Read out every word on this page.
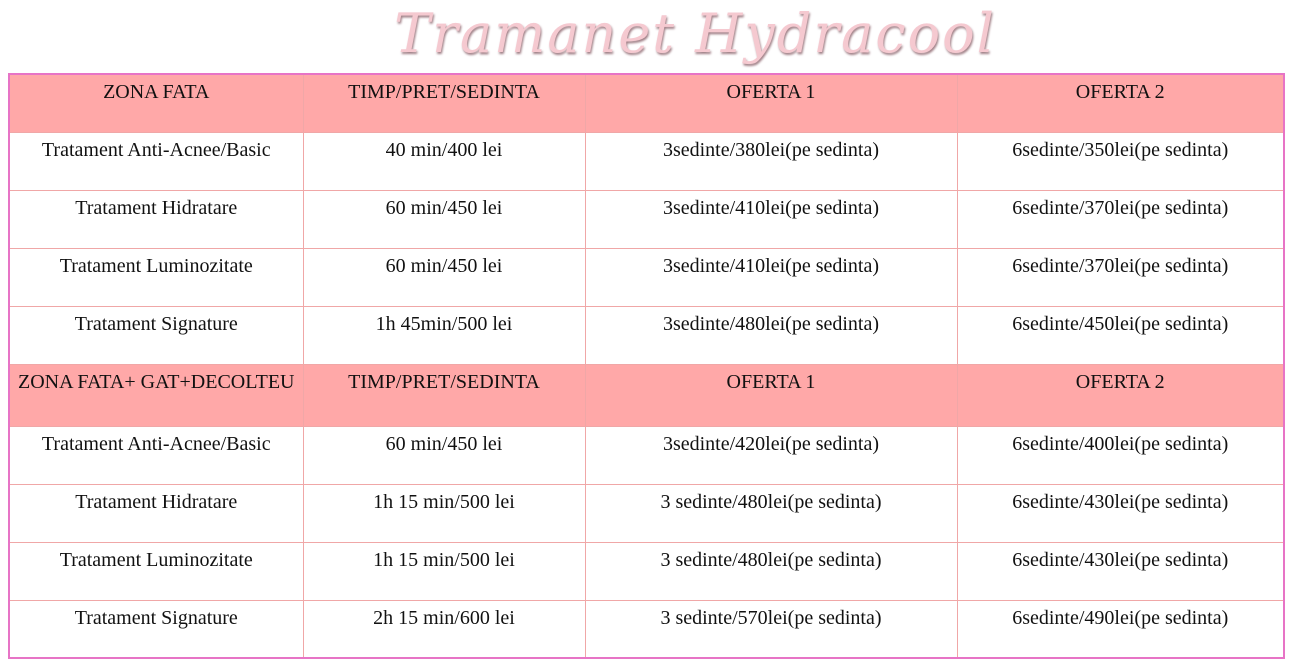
Tramanet Hydracool
ZONA FATA	TIMP/PRET/SEDINTA	OFERTA 1	OFERTA 2
Tratament Anti-Acnee/Basic	40 min/400 lei	3sedinte/380lei(pe sedinta)	6sedinte/350lei(pe sedinta)
Tratament Hidratare	60 min/450 lei	3sedinte/410lei(pe sedinta)	6sedinte/370lei(pe sedinta)
Tratament Luminozitate	60 min/450 lei	3sedinte/410lei(pe sedinta)	6sedinte/370lei(pe sedinta)
Tratament Signature	1h 45min/500 lei	3sedinte/480lei(pe sedinta)	6sedinte/450lei(pe sedinta)
ZONA FATA+ GAT+DECOLTEU	TIMP/PRET/SEDINTA	OFERTA 1	OFERTA 2
Tratament Anti-Acnee/Basic	60 min/450 lei	3sedinte/420lei(pe sedinta)	6sedinte/400lei(pe sedinta)
Tratament Hidratare	1h 15 min/500 lei	3 sedinte/480lei(pe sedinta)	6sedinte/430lei(pe sedinta)
Tratament Luminozitate	1h 15 min/500 lei	3 sedinte/480lei(pe sedinta)	6sedinte/430lei(pe sedinta)
Tratament Signature	2h 15 min/600 lei	3 sedinte/570lei(pe sedinta)	6sedinte/490lei(pe sedinta)
